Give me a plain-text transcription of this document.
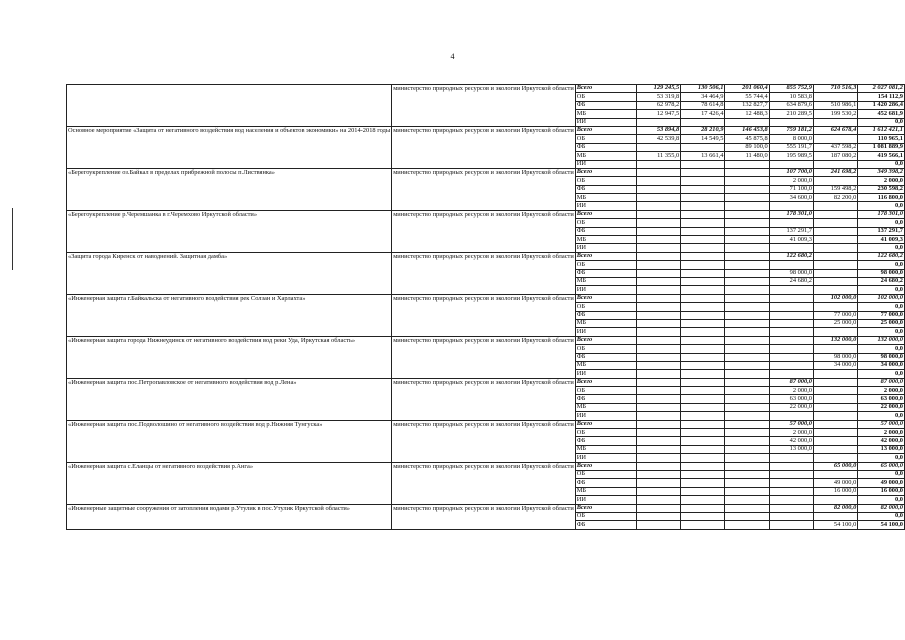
4
	министерство природных ресурсов и экологии Иркутской области	Всего	129 245,5	130 506,1	201 060,4	855 752,9	710 516,3	2 027 081,2
		ОБ	53 319,8	34 464,9	55 744,4	10 583,8		154 112,9
		ФБ	62 978,2	78 614,8	132 827,7	634 879,6	510 986,1	1 420 286,4
		МБ	12 947,5	17 426,4	12 488,3	210 289,5	199 530,2	452 681,9
		ИИ						0,0
Основное мероприятие «Защита от негативного воздействия вод населения и объектов экономики» на 2014-2018 годы	министерство природных ресурсов и экологии Иркутской области	Всего	53 894,8	28 210,9	146 453,8	759 181,2	624 678,4	1 612 421,1
		ОБ	42 539,8	14 549,5	45 875,8	8 000,0		110 965,1
		ФБ			89 100,0	555 191,7	437 598,2	1 081 889,9
		МБ	11 355,0	13 661,4	11 480,0	195 989,5	187 080,2	419 566,1
		ИИ						0,0
«Берегоукрепление оз.Байкал в пределах прибрежной полосы п.Листвянка»	министерство природных ресурсов и экологии Иркутской области	Всего				107 700,0	241 698,2	349 398,2
		ОБ				2 000,0		2 000,0
		ФБ				71 100,0	159 498,2	230 598,2
		МБ				34 600,0	82 200,0	116 800,0
		ИИ						0,0
«Берегоукрепление р.Черемшанка в г.Черемхово Иркутской области»	министерство природных ресурсов и экологии Иркутской области	Всего				178 301,0		178 301,0
		ОБ						0,0
		ФБ				137 291,7		137 291,7
		МБ				41 009,3		41 009,3
		ИИ						0,0
«Защита города Киренск от наводнений. Защитная дамба»	министерство природных ресурсов и экологии Иркутской области	Всего				122 680,2		122 680,2
		ОБ						0,0
		ФБ				98 000,0		98 000,0
		МБ				24 680,2		24 680,2
		ИИ						0,0
«Инженерная защита г.Байкальска от негативного воздействия рек Солзан и Харлахта»	министерство природных ресурсов и экологии Иркутской области	Всего					102 000,0	102 000,0
		ОБ						0,0
		ФБ					77 000,0	77 000,0
		МБ					25 000,0	25 000,0
		ИИ						0,0
«Инженерная защита города Нижнеудинск от негативного воздействия вод реки Уда, Иркутская область»	министерство природных ресурсов и экологии Иркутской области	Всего					132 000,0	132 000,0
		ОБ						0,0
		ФБ					98 000,0	98 000,0
		МБ					34 000,0	34 000,0
		ИИ						0,0
«Инженерная защита пос.Петропавловское от негативного воздействия вод р.Лена»	министерство природных ресурсов и экологии Иркутской области	Всего				87 000,0		87 000,0
		ОБ				2 000,0		2 000,0
		ФБ				63 000,0		63 000,0
		МБ				22 000,0		22 000,0
		ИИ						0,0
«Инженерная защита пос.Подволошино от негативного воздействия вод р.Нижняя Тунгуска»	министерство природных ресурсов и экологии Иркутской области	Всего				57 000,0		57 000,0
		ОБ				2 000,0		2 000,0
		ФБ				42 000,0		42 000,0
		МБ				13 000,0		13 000,0
		ИИ						0,0
«Инженерная защита с.Еланцы от негативного воздействия р.Анга»	министерство природных ресурсов и экологии Иркутской области	Всего					65 000,0	65 000,0
		ОБ						0,0
		ФБ					49 000,0	49 000,0
		МБ					16 000,0	16 000,0
		ИИ						0,0
«Инженерные защитные сооружения от затопления водами р.Утулик в пос.Утулик Иркутской области»	министерство природных ресурсов и экологии Иркутской области	Всего					82 000,0	82 000,0
		ОБ						0,0
		ФБ					54 100,0	54 100,0
